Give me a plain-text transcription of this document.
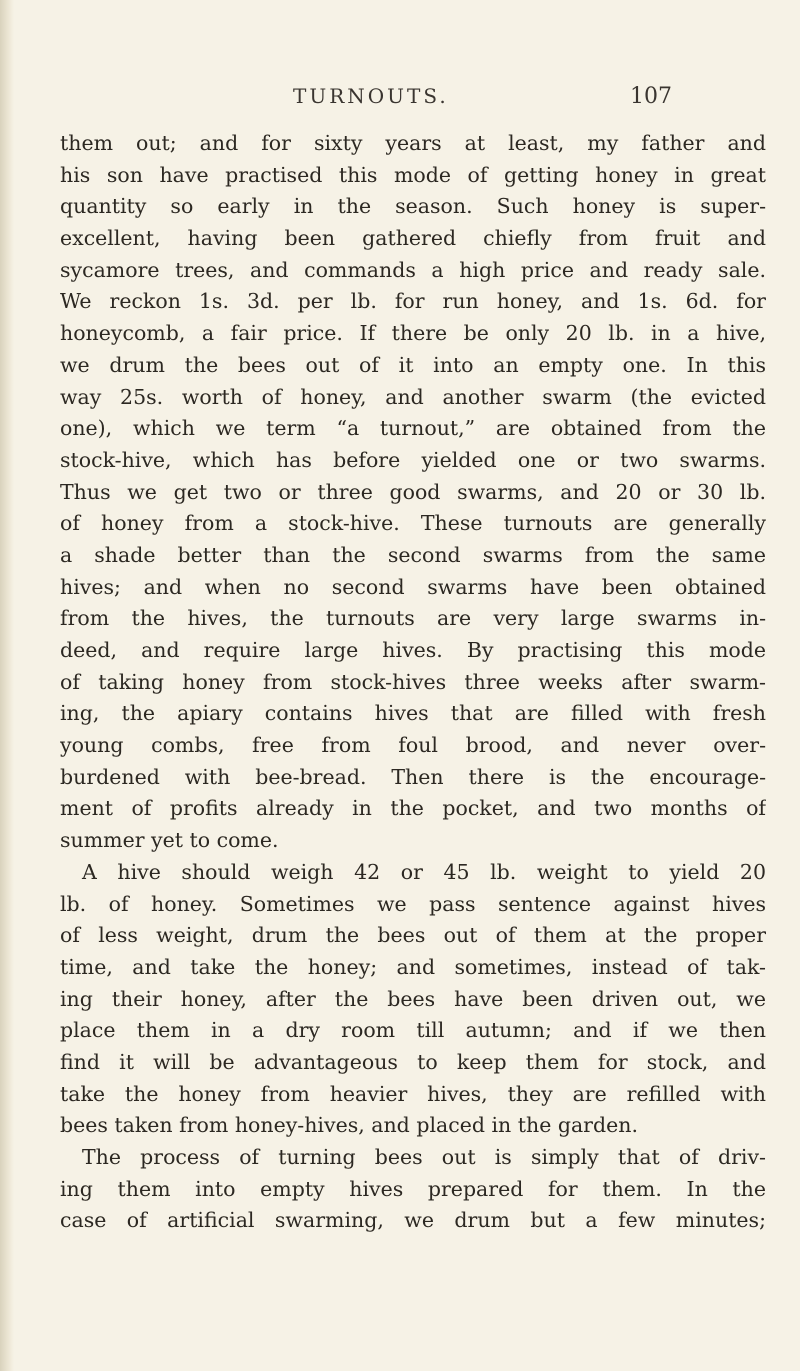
TURNOUTS.	107
them out; and for sixty years at least, my father and
his son have practised this mode of getting honey in great
quantity so early in the season. Such honey is super-
excellent, having been gathered chiefly from fruit and
sycamore trees, and commands a high price and ready sale.
We reckon 1s. 3d. per lb. for run honey, and 1s. 6d. for
honeycomb, a fair price. If there be only 20 lb. in a hive,
we drum the bees out of it into an empty one. In this
way 25s. worth of honey, and another swarm (the evicted
one), which we term “a turnout,” are obtained from the
stock-hive, which has before yielded one or two swarms.
Thus we get two or three good swarms, and 20 or 30 lb.
of honey from a stock-hive. These turnouts are generally
a shade better than the second swarms from the same
hives; and when no second swarms have been obtained
from the hives, the turnouts are very large swarms in-
deed, and require large hives. By practising this mode
of taking honey from stock-hives three weeks after swarm-
ing, the apiary contains hives that are filled with fresh
young combs, free from foul brood, and never over-
burdened with bee-bread. Then there is the encourage-
ment of profits already in the pocket, and two months of
summer yet to come.
A hive should weigh 42 or 45 lb. weight to yield 20
lb. of honey. Sometimes we pass sentence against hives
of less weight, drum the bees out of them at the proper
time, and take the honey; and sometimes, instead of tak-
ing their honey, after the bees have been driven out, we
place them in a dry room till autumn; and if we then
find it will be advantageous to keep them for stock, and
take the honey from heavier hives, they are refilled with
bees taken from honey-hives, and placed in the garden.
The process of turning bees out is simply that of driv-
ing them into empty hives prepared for them. In the
case of artificial swarming, we drum but a few minutes;
